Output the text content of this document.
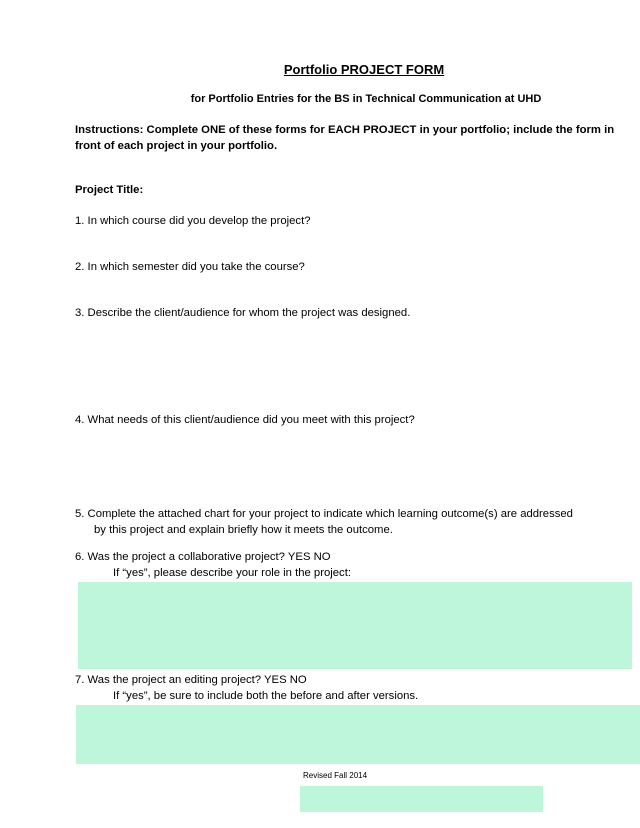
Portfolio PROJECT FORM
for Portfolio Entries for the BS in Technical Communication at UHD
Instructions: Complete ONE of these forms for EACH PROJECT in your portfolio; include the form in front of each project in your portfolio.
Project Title:
1. In which course did you develop the project?
2. In which semester did you take the course?
3. Describe the client/audience for whom the project was designed.
4. What needs of this client/audience did you meet with this project?
5. Complete the attached chart for your project to indicate which learning outcome(s) are addressed
by this project and explain briefly how it meets the outcome.
6. Was the project a collaborative project? YES NO
If “yes”, please describe your role in the project:
7. Was the project an editing project? YES NO
If “yes”, be sure to include both the before and after versions.
Revised Fall 2014
